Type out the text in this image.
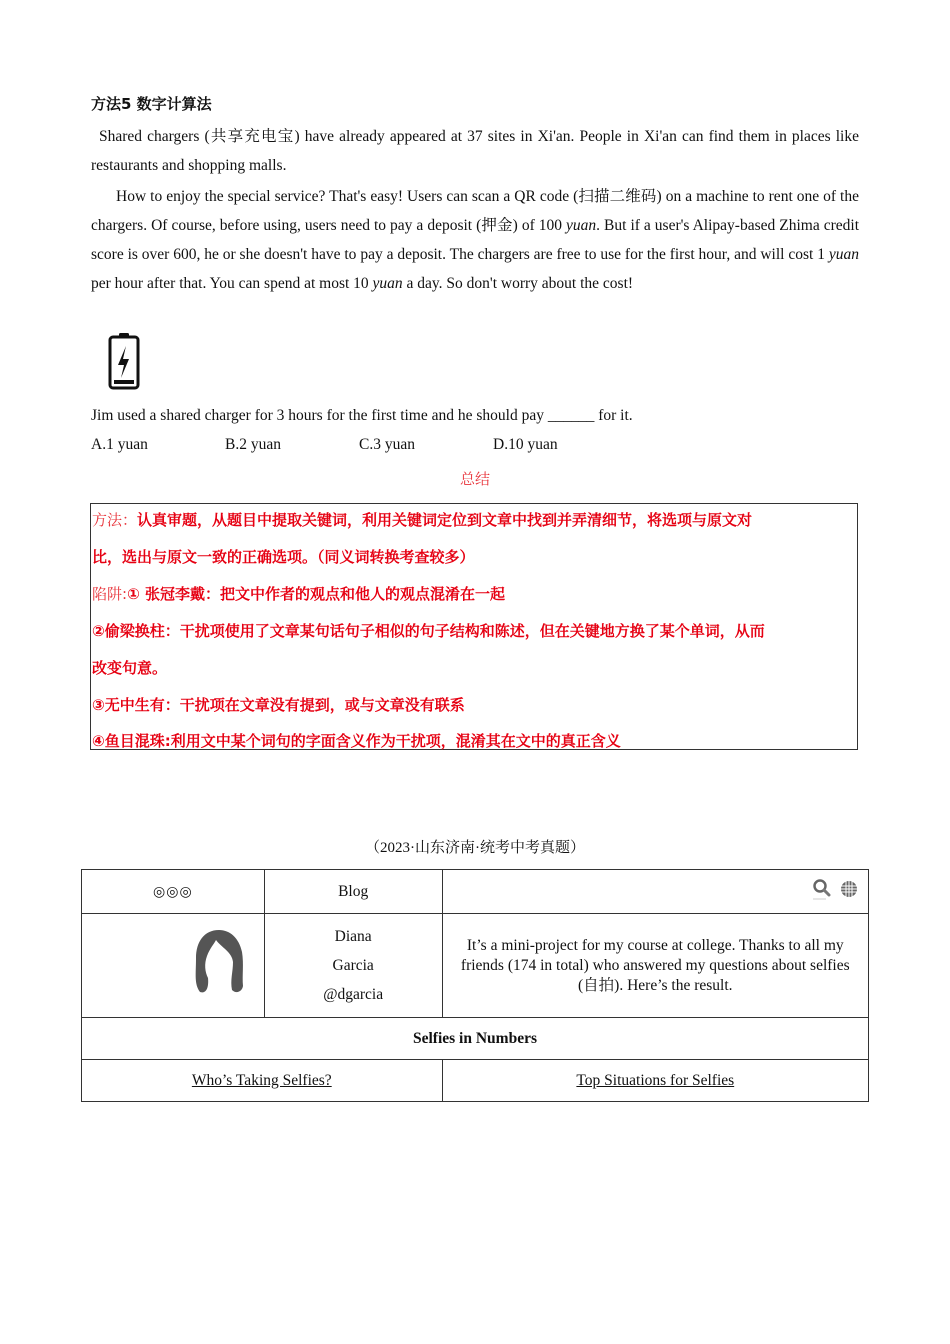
方法5 数字计算法
Shared chargers (共享充电宝) have already appeared at 37 sites in Xi'an. People in Xi'an can find them in places like restaurants and shopping malls.
How to enjoy the special service? That's easy! Users can scan a QR code (扫描二维码) on a machine to rent one of the chargers. Of course, before using, users need to pay a deposit (押金) of 100 yuan. But if a user's Alipay-based Zhima credit score is over 600, he or she doesn't have to pay a deposit. The chargers are free to use for the first hour, and will cost 1 yuan per hour after that. You can spend at most 10 yuan a day. So don't worry about the cost!
Jim used a shared charger for 3 hours for the first time and he should pay ______ for it.
A.1 yuan	B.2 yuan	C.3 yuan	D.10 yuan
总结
方法：认真审题，从题目中提取关键词，利用关键词定位到文章中找到并弄清细节，将选项与原文对
比，选出与原文一致的正确选项。（同义词转换考查较多）
陷阱:① 张冠李戴：把文中作者的观点和他人的观点混淆在一起
②偷梁换柱：干扰项使用了文章某句话句子相似的句子结构和陈述，但在关键地方换了某个单词，从而
改变句意。
③无中生有：干扰项在文章没有提到，或与文章没有联系
④鱼目混珠:利用文中某个词句的字面含义作为干扰项，混淆其在文中的真正含义
（2023·山东济南·统考中考真题）
◎◎◎	Blog	

Diana
Garcia
@dgarcia	It’s a mini-project for my course at college. Thanks to all my friends (174 in total) who answered my questions about selfies (自拍). Here’s the result.
Selfies in Numbers		
Who’s Taking Selfies?		Top Situations for Selfies
